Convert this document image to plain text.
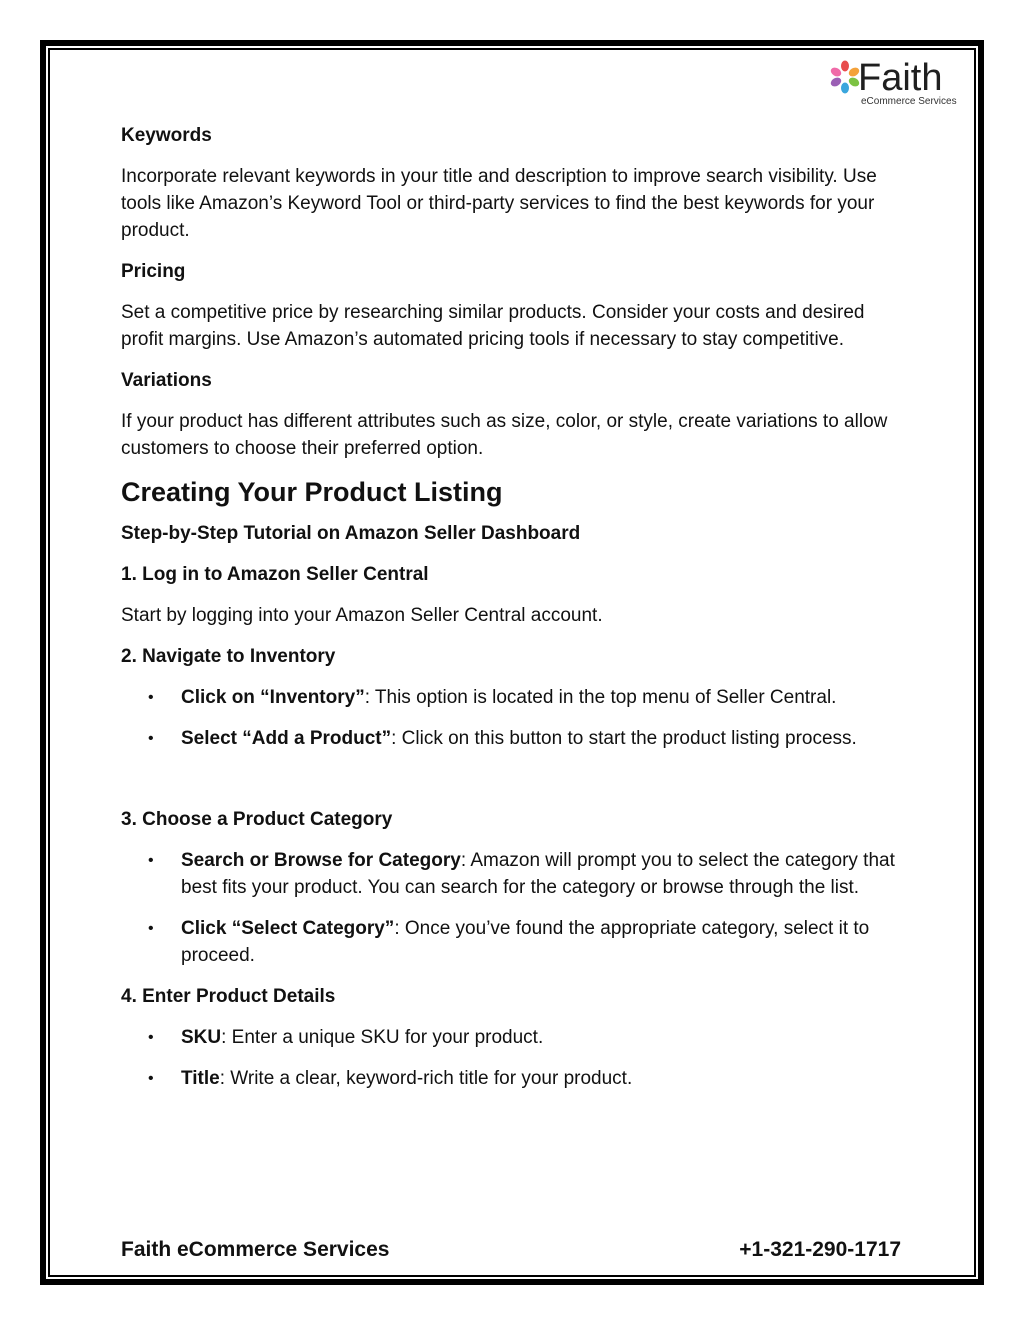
Faith
eCommerce Services
Keywords
Incorporate relevant keywords in your title and description to improve search visibility. Use tools like Amazon’s Keyword Tool or third-party services to find the best keywords for your product.
Pricing
Set a competitive price by researching similar products. Consider your costs and desired profit margins. Use Amazon’s automated pricing tools if necessary to stay competitive.
Variations
If your product has different attributes such as size, color, or style, create variations to allow customers to choose their preferred option.
Creating Your Product Listing
Step-by-Step Tutorial on Amazon Seller Dashboard
1. Log in to Amazon Seller Central
Start by logging into your Amazon Seller Central account.
2. Navigate to Inventory
• Click on “Inventory”: This option is located in the top menu of Seller Central.
• Select “Add a Product”: Click on this button to start the product listing process.
3. Choose a Product Category
• Search or Browse for Category: Amazon will prompt you to select the category that best fits your product. You can search for the category or browse through the list.
• Click “Select Category”: Once you’ve found the appropriate category, select it to proceed.
4. Enter Product Details
• SKU: Enter a unique SKU for your product.
• Title: Write a clear, keyword-rich title for your product.
Faith eCommerce Services	+1-321-290-1717
